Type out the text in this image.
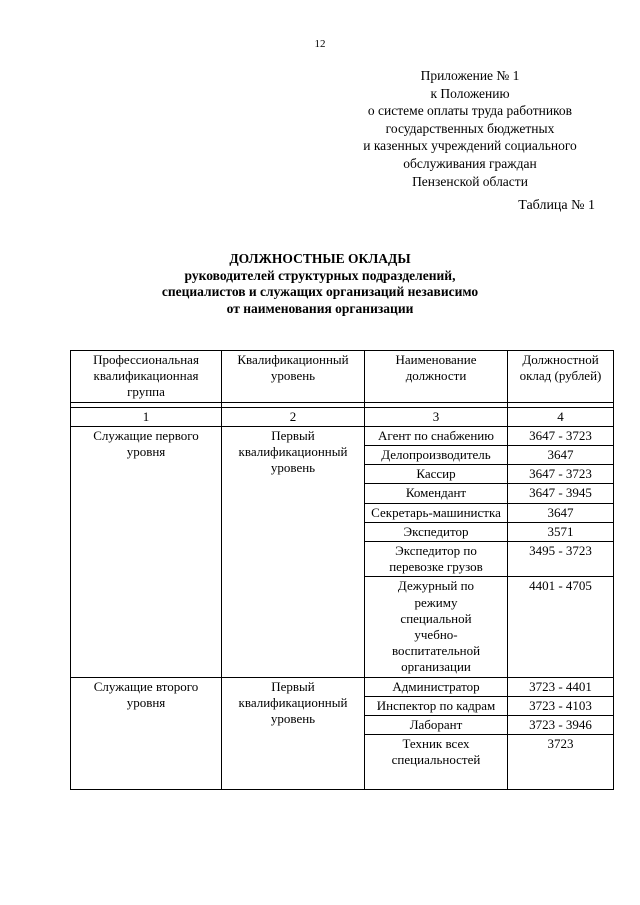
12
Приложение № 1
к Положению
о системе оплаты труда работников
государственных бюджетных
и казенных учреждений социального
обслуживания граждан
Пензенской области
Таблица № 1
ДОЛЖНОСТНЫЕ ОКЛАДЫ
руководителей структурных подразделений,
специалистов и служащих организаций независимо
от наименования организации
Профессиональная квалификационная группа	Квалификационный уровень	Наименование должности	Должностной оклад (рублей)

1	2	3	4
Служащие первого уровня	Первый квалификационный уровень	Агент по снабжению	3647 - 3723
		Делопроизводитель	3647
		Кассир	3647 - 3723
		Комендант	3647 - 3945
		Секретарь-машинистка	3647
		Экспедитор	3571
		Экспедитор по перевозке грузов	3495 - 3723
		Дежурный по режиму специальной учебно-воспитательной организации	4401 - 4705
Служащие второго уровня	Первый квалификационный уровень	Администратор	3723 - 4401
		Инспектор по кадрам	3723 - 4103
		Лаборант	3723 - 3946
		Техник всех специальностей	3723
